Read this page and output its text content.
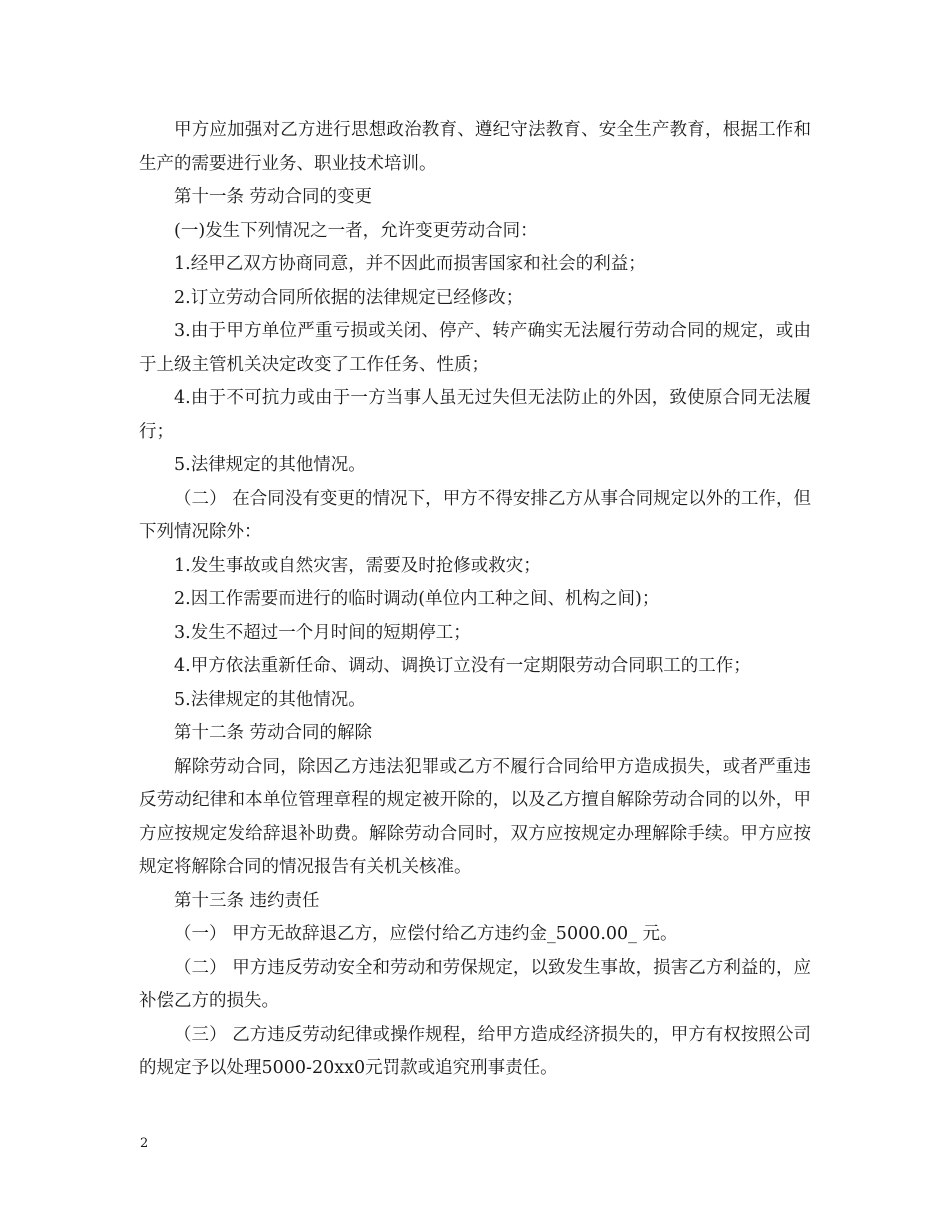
甲方应加强对乙方进行思想政治教育、遵纪守法教育、安全生产教育，根据工作和生产的需要进行业务、职业技术培训。

第十一条 劳动合同的变更

(一)发生下列情况之一者，允许变更劳动合同：

1.经甲乙双方协商同意，并不因此而损害国家和社会的利益；

2.订立劳动合同所依据的法律规定已经修改；

3.由于甲方单位严重亏损或关闭、停产、转产确实无法履行劳动合同的规定，或由于上级主管机关决定改变了工作任务、性质；

4.由于不可抗力或由于一方当事人虽无过失但无法防止的外因，致使原合同无法履行；

5.法律规定的其他情况。

（二） 在合同没有变更的情况下，甲方不得安排乙方从事合同规定以外的工作，但下列情况除外：

1.发生事故或自然灾害，需要及时抢修或救灾；

2.因工作需要而进行的临时调动(单位内工种之间、机构之间)；

3.发生不超过一个月时间的短期停工；

4.甲方依法重新任命、调动、调换订立没有一定期限劳动合同职工的工作；

5.法律规定的其他情况。

第十二条 劳动合同的解除

解除劳动合同，除因乙方违法犯罪或乙方不履行合同给甲方造成损失，或者严重违反劳动纪律和本单位管理章程的规定被开除的，以及乙方擅自解除劳动合同的以外，甲方应按规定发给辞退补助费。解除劳动合同时，双方应按规定办理解除手续。甲方应按规定将解除合同的情况报告有关机关核准。

第十三条 违约责任

（一） 甲方无故辞退乙方，应偿付给乙方违约金_5000.00_ 元。

（二） 甲方违反劳动安全和劳动和劳保规定，以致发生事故，损害乙方利益的，应补偿乙方的损失。

（三） 乙方违反劳动纪律或操作规程，给甲方造成经济损失的，甲方有权按照公司的规定予以处理5000-20xx0元罚款或追究刑事责任。

2
